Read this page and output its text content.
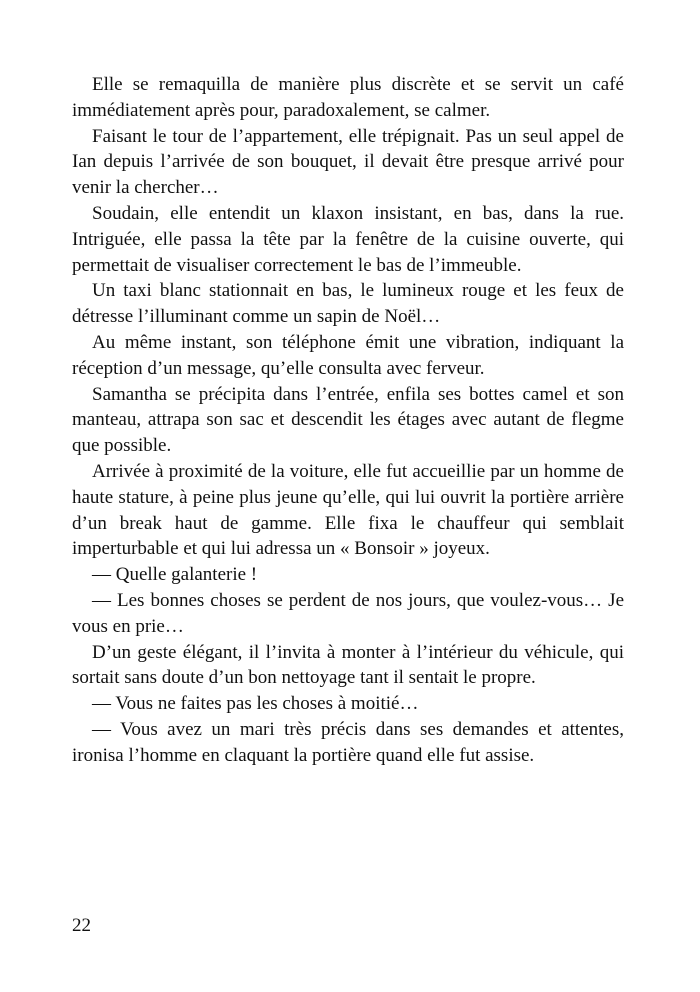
Elle se remaquilla de manière plus discrète et se servit un café immédiatement après pour, paradoxalement, se calmer.

Faisant le tour de l’appartement, elle trépignait. Pas un seul appel de Ian depuis l’arrivée de son bouquet, il devait être presque arrivé pour venir la chercher…

Soudain, elle entendit un klaxon insistant, en bas, dans la rue. Intriguée, elle passa la tête par la fenêtre de la cuisine ouverte, qui permettait de visualiser correctement le bas de l’immeuble.

Un taxi blanc stationnait en bas, le lumineux rouge et les feux de détresse l’illuminant comme un sapin de Noël…

Au même instant, son téléphone émit une vibration, indiquant la réception d’un message, qu’elle consulta avec ferveur.

Samantha se précipita dans l’entrée, enfila ses bottes camel et son manteau, attrapa son sac et descendit les étages avec autant de flegme que possible.

Arrivée à proximité de la voiture, elle fut accueillie par un homme de haute stature, à peine plus jeune qu’elle, qui lui ouvrit la portière arrière d’un break haut de gamme. Elle fixa le chauffeur qui semblait imperturbable et qui lui adressa un « Bonsoir » joyeux.

— Quelle galanterie !

— Les bonnes choses se perdent de nos jours, que voulez-vous… Je vous en prie…

D’un geste élégant, il l’invita à monter à l’intérieur du véhicule, qui sortait sans doute d’un bon nettoyage tant il sentait le propre.

— Vous ne faites pas les choses à moitié…

— Vous avez un mari très précis dans ses demandes et attentes, ironisa l’homme en claquant la portière quand elle fut assise.

22
